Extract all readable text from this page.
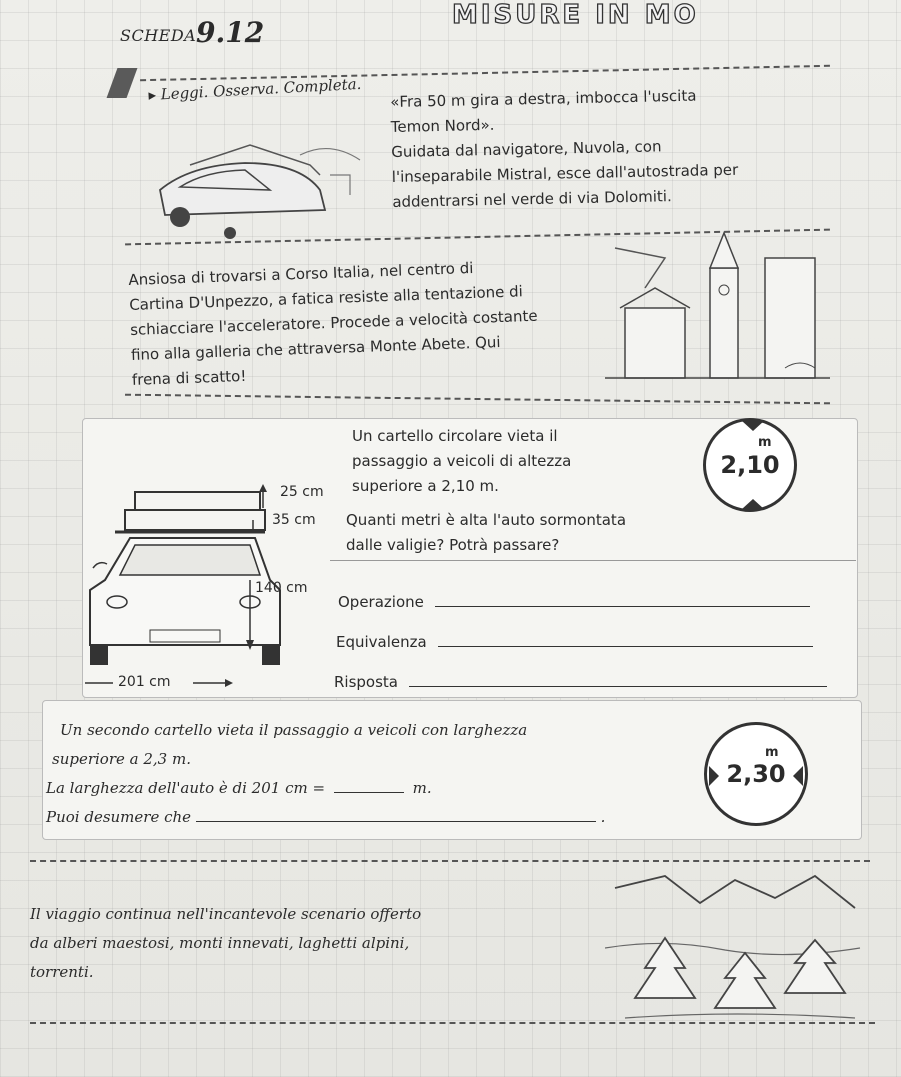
SCHEDA 9.12
MISURE IN MO
▸ Leggi. Osserva. Completa. «Fra 50 m gira a destra, imbocca l'uscita
Temon Nord».
Guidata dal navigatore, Nuvola, con
l'inseparabile Mistral, esce dall'autostrada per
addentrarsi nel verde di via Dolomiti.
Ansiosa di trovarsi a Corso Italia, nel centro di
Cartina D'Unpezzo, a fatica resiste alla tentazione di
schiacciare l'acceleratore. Procede a velocità costante
fino alla galleria che attraversa Monte Abete. Qui
frena di scatto!
25 cm
35 cm
140 cm
201 cm
Un cartello circolare vieta il
passaggio a veicoli di altezza
superiore a 2,10 m.
Quanti metri è alta l'auto sormontata
dalle valigie? Potrà passare?
2,10
m
Operazione
Equivalenza
Risposta
Un secondo cartello vieta il passaggio a veicoli con larghezza
superiore a 2,3 m.
La larghezza dell'auto è di 201 cm =	m.
Puoi desumere che	.
2,30
m
Il viaggio continua nell'incantevole scenario offerto
da alberi maestosi, monti innevati, laghetti alpini,
torrenti.
